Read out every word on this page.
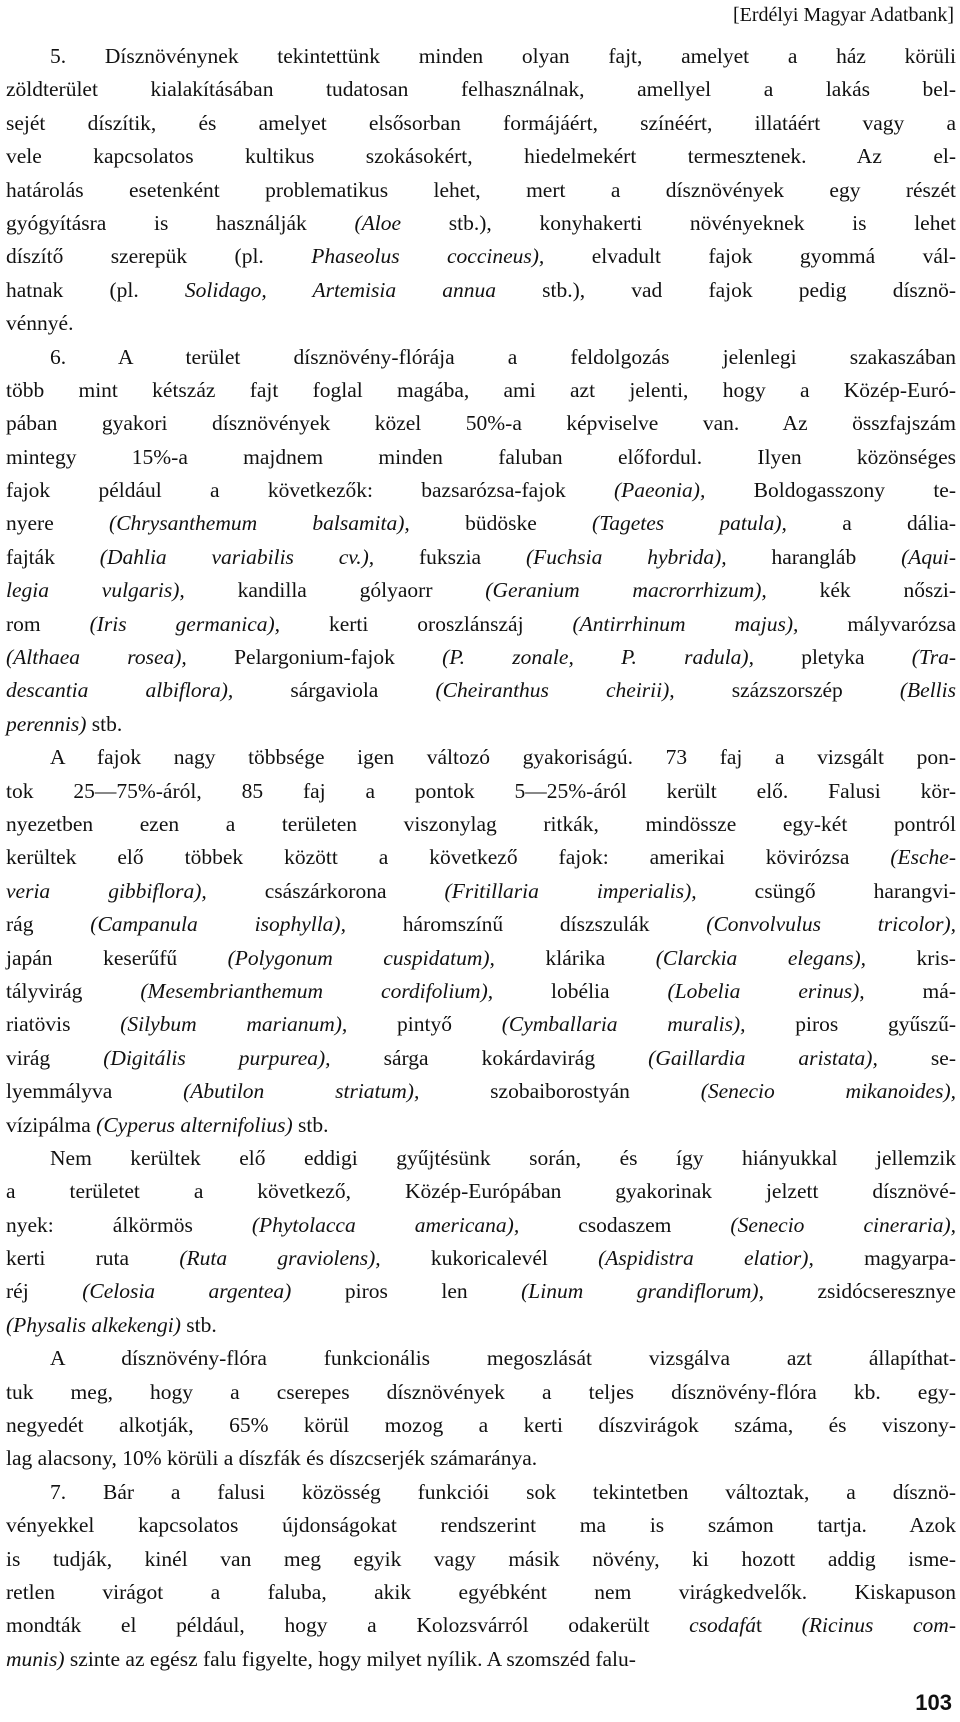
[Erdélyi Magyar Adatbank]
5. Dísznövénynek tekintettünk minden olyan fajt, amelyet a ház körüli
zöldterület kialakításában tudatosan felhasználnak, amellyel a lakás bel-
sejét díszítik, és amelyet elsősorban formájáért, színéért, illatáért vagy a
vele kapcsolatos kultikus szokásokért, hiedelmekért termesztenek. Az el-
határolás esetenként problematikus lehet, mert a dísznövények egy részét
gyógyításra is használják (Aloe stb.), konyhakerti növényeknek is lehet
díszítő szerepük (pl. Phaseolus coccineus), elvadult fajok gyommá vál-
hatnak (pl. Solidago, Artemisia annua stb.), vad fajok pedig dísznö-
vénnyé.
6. A terület dísznövény-flórája a feldolgozás jelenlegi szakaszában
több mint kétszáz fajt foglal magába, ami azt jelenti, hogy a Közép-Euró-
pában gyakori dísznövények közel 50%-a képviselve van. Az összfajszám
mintegy 15%-a majdnem minden faluban előfordul. Ilyen közönséges
fajok például a következők: bazsarózsa-fajok (Paeonia), Boldogasszony te-
nyere (Chrysanthemum balsamita), büdöske (Tagetes patula), a dália-
fajták (Dahlia variabilis cv.), fukszia (Fuchsia hybrida), harangláb (Aqui-
legia vulgaris), kandilla gólyaorr (Geranium macrorrhizum), kék nőszi-
rom (Iris germanica), kerti oroszlánszáj (Antirrhinum majus), mályvarózsa
(Althaea rosea), Pelargonium-fajok (P. zonale, P. radula), pletyka (Tra-
descantia albiflora), sárgaviola (Cheiranthus cheirii), százszorszép (Bellis
perennis) stb.
A fajok nagy többsége igen változó gyakoriságú. 73 faj a vizsgált pon-
tok 25—75%-áról, 85 faj a pontok 5—25%-áról került elő. Falusi kör-
nyezetben ezen a területen viszonylag ritkák, mindössze egy-két pontról
kerültek elő többek között a következő fajok: amerikai kövirózsa (Esche-
veria gibbiflora), császárkorona (Fritillaria imperialis), csüngő harangvi-
rág (Campanula isophylla), háromszínű díszszulák (Convolvulus tricolor),
japán keserűfű (Polygonum cuspidatum), klárika (Clarckia elegans), kris-
tályvirág (Mesembrianthemum cordifolium), lobélia (Lobelia erinus), má-
riatövis (Silybum marianum), pintyő (Cymballaria muralis), piros gyűszű-
virág (Digitális purpurea), sárga kokárdavirág (Gaillardia aristata), se-
lyemmályva (Abutilon striatum), szobaiborostyán (Senecio mikanoides),
vízipálma (Cyperus alternifolius) stb.
Nem kerültek elő eddigi gyűjtésünk során, és így hiányukkal jellemzik
a területet a következő, Közép-Európában gyakorinak jelzett dísznövé-
nyek: álkörmös (Phytolacca americana), csodaszem (Senecio cineraria),
kerti ruta (Ruta graviolens), kukoricalevél (Aspidistra elatior), magyarpa-
réj (Celosia argentea) piros len (Linum grandiflorum), zsidócseresznye
(Physalis alkekengi) stb.
A dísznövény-flóra funkcionális megoszlását vizsgálva azt állapíthat-
tuk meg, hogy a cserepes dísznövények a teljes dísznövény-flóra kb. egy-
negyedét alkotják, 65% körül mozog a kerti díszvirágok száma, és viszony-
lag alacsony, 10% körüli a díszfák és díszcserjék számaránya.
7. Bár a falusi közösség funkciói sok tekintetben változtak, a dísznö-
vényekkel kapcsolatos újdonságokat rendszerint ma is számon tartja. Azok
is tudják, kinél van meg egyik vagy másik növény, ki hozott addig isme-
retlen virágot a faluba, akik egyébként nem virágkedvelők. Kiskapuson
mondták el például, hogy a Kolozsvárról odakerült csodafát (Ricinus com-
munis) szinte az egész falu figyelte, hogy milyet nyílik. A szomszéd falu-
103
